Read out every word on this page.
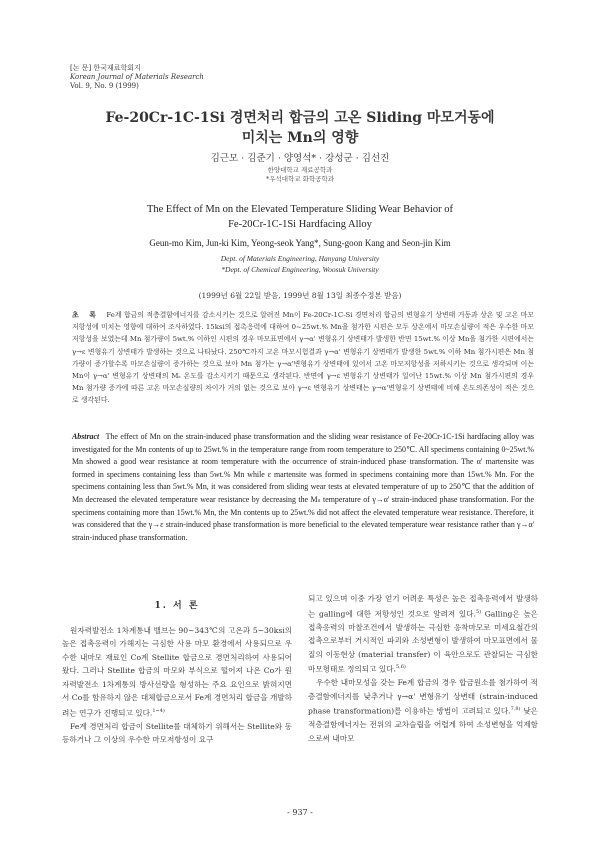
[논 문] 한국재료학회지
Korean Journal of Materials Research
Vol. 9, No. 9 (1999)
Fe-20Cr-1C-1Si 경면처리 합금의 고온 Sliding 마모거동에
미치는 Mn의 영향
김근모 · 김준기 · 양영석* · 강성군 · 김선진
한양대학교 재료공학과
*우석대학교 화학공학과
The Effect of Mn on the Elevated Temperature Sliding Wear Behavior of
Fe-20Cr-1C-1Si Hardfacing Alloy
Geun-mo Kim, Jun-ki Kim, Yeong-seok Yang*, Sung-goon Kang and Seon-jin Kim
Dept. of Materials Engineering, Hanyang University
*Dept. of Chemical Engineering, Woosuk University
(1999년 6월 22일 받음, 1999년 8월 13일 최종수정본 받음)
초 록 Fe계 합금의 적층결함에너지를 감소시키는 것으로 알려진 Mn이 Fe-20Cr-1C-Si 경면처리 합금의 변형유기 상변태 거동과 상온 및 고온 마모저항성에 미치는 영향에 대하여 조사하였다. 15ksi의 접촉응력에 대하여 0~25wt.% Mn을 첨가한 시편은 모두 상온에서 마모손실량이 적은 우수한 마모저항성을 보였는데 Mn 첨가량이 5wt.% 이하인 시편의 경우 마모표면에서 γ→α' 변형유기 상변태가 발생한 반면 15wt.% 이상 Mn을 첨가한 시편에서는 γ→ε 변형유기 상변태가 발생하는 것으로 나타났다. 250℃까지 고온 마모시험결과 γ→α' 변형유기 상변태가 발생한 5wt.% 이하 Mn 첨가시편은 Mn 첨가량이 증가할수록 마모손실량이 증가하는 것으로 보아 Mn 첨가는 γ→α'변형유기 상변태에 있어서 고온 마모저항성을 저하시키는 것으로 생각되며 이는 Mn이 γ→α' 변형유기 상변태의 Mₛ 온도를 감소시키기 때문으로 생각된다. 반면에 γ→ε 변형유기 상변태가 일어난 15wt.% 이상 Mn 첨가시편의 경우 Mn 첨가량 증가에 따른 고온 마모손실량의 차이가 거의 없는 것으로 보아 γ→ε 변형유기 상변태는 γ→α'변형유기 상변태에 비해 온도의존성이 적은 것으로 생각된다.
Abstract The effect of Mn on the strain-induced phase transformation and the sliding wear resistance of Fe-20Cr-1C-1Si hardfacing alloy was investigated for the Mn contents of up to 25wt.% in the temperature range from room temperature to 250℃. All specimens containing 0~25wt.% Mn showed a good wear resistance at room temperature with the occurrence of strain-induced phase transformation. The α' martensite was formed in specimens containing less than 5wt.% Mn while ε martensite was formed in specimens containing more than 15wt.% Mn. For the specimens containing less than 5wt.% Mn, it was considered from sliding wear tests at elevated temperature of up to 250℃ that the addition of Mn decreased the elevated temperature wear resistance by decreasing the Mₛ temperature of γ→α' strain-induced phase transformation. For the specimens containing more than 15wt.% Mn, the Mn contents up to 25wt.% did not affect the elevated temperature wear resistance. Therefore, it was considered that the γ→ε strain-induced phase transformation is more beneficial to the elevated temperature wear resistance rather than γ→α' strain-induced phase transformation.
1. 서 론

원자력발전소 1차계통내 밸브는 90~343℃의 고온과 5~30ksi의 높은 접촉응력이 가해지는 극심한 사용 마모 환경에서 사용되므로 우수한 내마모 재료인 Co계 Stellite 합금으로 경면처리하여 사용되어 왔다. 그러나 Stellite 합금의 마모와 부식으로 떨어져 나온 Co가 원자력발전소 1차계통의 방사선량을 형성하는 주요 요인으로 밝혀지면서 Co를 함유하지 않은 대체합금으로서 Fe계 경면처리 합금을 개발하려는 연구가 진행되고 있다.$^{1\sim 4)}$

Fe계 경면처리 합금이 Stellite를 대체하기 위해서는 Stellite와 동등하거나 그 이상의 우수한 마모저항성이 요구

되고 있으며 이중 가장 얻기 어려운 특성은 높은 접촉응력에서 발생하는 galling에 대한 저항성인 것으로 알려져 있다.$^{5)}$ Galling은 높은 접촉응력의 마찰조건에서 발생하는 극심한 응착마모로 미세요철간의 접촉으로부터 거시적인 파괴와 소성변형이 발생하여 마모표면에서 물질의 이동현상 (material transfer) 이 육안으로도 관찰되는 극심한 마모형태로 정의되고 있다.$^{5,6)}$

우수한 내마모성을 갖는 Fe계 합금의 경우 합금원소를 첨가하여 적층결함에너지를 낮추거나 γ→α' 변형유기 상변태 (strain-induced phase transformation)를 이용하는 방법이 고려되고 있다.$^{7,8)}$ 낮은 적층결함에너지는 전위의 교차슬립을 어렵게 하여 소성변형을 억제함으로써 내마모

- 937 -
